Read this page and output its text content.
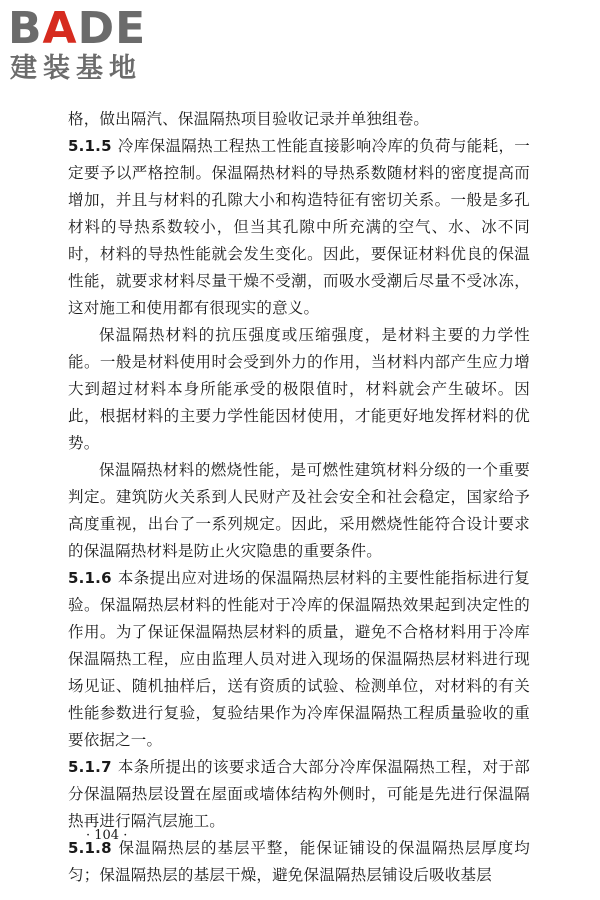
BADE
建装基地

格，做出隔汽、保温隔热项目验收记录并单独组卷。

5.1.5 冷库保温隔热工程热工性能直接影响冷库的负荷与能耗，一定要予以严格控制。保温隔热材料的导热系数随材料的密度提高而增加，并且与材料的孔隙大小和构造特征有密切关系。一般是多孔材料的导热系数较小，但当其孔隙中所充满的空气、水、冰不同时，材料的导热性能就会发生变化。因此，要保证材料优良的保温性能，就要求材料尽量干燥不受潮，而吸水受潮后尽量不受冰冻，这对施工和使用都有很现实的意义。

保温隔热材料的抗压强度或压缩强度，是材料主要的力学性能。一般是材料使用时会受到外力的作用，当材料内部产生应力增大到超过材料本身所能承受的极限值时，材料就会产生破坏。因此，根据材料的主要力学性能因材使用，才能更好地发挥材料的优势。

保温隔热材料的燃烧性能，是可燃性建筑材料分级的一个重要判定。建筑防火关系到人民财产及社会安全和社会稳定，国家给予高度重视，出台了一系列规定。因此，采用燃烧性能符合设计要求的保温隔热材料是防止火灾隐患的重要条件。

5.1.6 本条提出应对进场的保温隔热层材料的主要性能指标进行复验。保温隔热层材料的性能对于冷库的保温隔热效果起到决定性的作用。为了保证保温隔热层材料的质量，避免不合格材料用于冷库保温隔热工程，应由监理人员对进入现场的保温隔热层材料进行现场见证、随机抽样后，送有资质的试验、检测单位，对材料的有关性能参数进行复验，复验结果作为冷库保温隔热工程质量验收的重要依据之一。

5.1.7 本条所提出的该要求适合大部分冷库保温隔热工程，对于部分保温隔热层设置在屋面或墙体结构外侧时，可能是先进行保温隔热再进行隔汽层施工。

5.1.8 保温隔热层的基层平整，能保证铺设的保温隔热层厚度均匀；保温隔热层的基层干燥，避免保温隔热层铺设后吸收基层

· 104 ·
